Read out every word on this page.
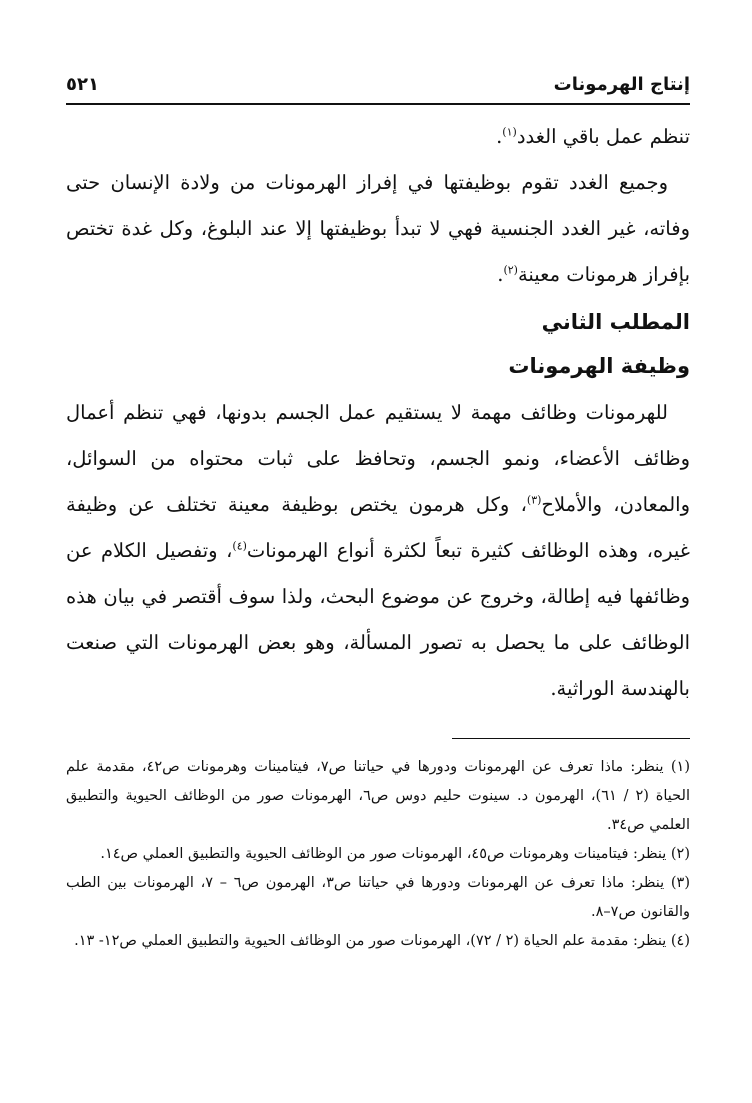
إنتاج الهرمونات
٥٢١

تنظم عمل باقي الغدد$^{(١)}$.

وجميع الغدد تقوم بوظيفتها في إفراز الهرمونات من ولادة الإنسان حتى وفاته، غير الغدد الجنسية فهي لا تبدأ بوظيفتها إلا عند البلوغ، وكل غدة تختص بإفراز هرمونات معينة$^{(٢)}$.

المطلب الثاني
وظيفة الهرمونات

للهرمونات وظائف مهمة لا يستقيم عمل الجسم بدونها، فهي تنظم أعمال وظائف الأعضاء، ونمو الجسم، وتحافظ على ثبات محتواه من السوائل، والمعادن، والأملاح$^{(٣)}$، وكل هرمون يختص بوظيفة معينة تختلف عن وظيفة غيره، وهذه الوظائف كثيرة تبعاً لكثرة أنواع الهرمونات$^{(٤)}$، وتفصيل الكلام عن وظائفها فيه إطالة، وخروج عن موضوع البحث، ولذا سوف أقتصر في بيان هذه الوظائف على ما يحصل به تصور المسألة، وهو بعض الهرمونات التي صنعت بالهندسة الوراثية.

(١) ينظر: ماذا تعرف عن الهرمونات ودورها في حياتنا ص٧، فيتامينات وهرمونات ص٤٢، مقدمة علم الحياة (٢ / ٦١)، الهرمون د. سينوت حليم دوس ص٦، الهرمونات صور من الوظائف الحيوية والتطبيق العلمي ص٣٤.

(٢) ينظر: فيتامينات وهرمونات ص٤٥، الهرمونات صور من الوظائف الحيوية والتطبيق العملي ص١٤.

(٣) ينظر: ماذا تعرف عن الهرمونات ودورها في حياتنا ص٣، الهرمون ص٦ – ٧، الهرمونات بين الطب والقانون ص٧–٨.

(٤) ينظر: مقدمة علم الحياة (٢ / ٧٢)، الهرمونات صور من الوظائف الحيوية والتطبيق العملي ص١٢- ١٣.
